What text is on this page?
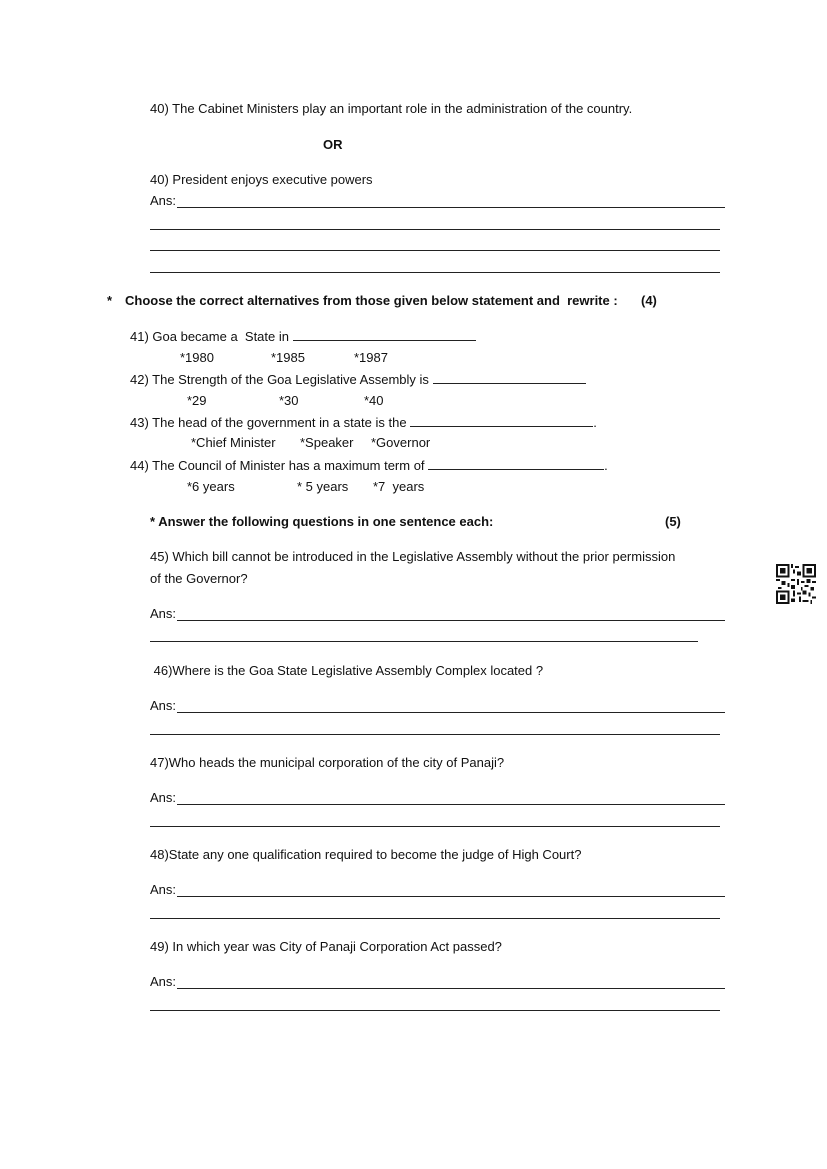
40) The Cabinet Ministers play an important role in the administration of the country.
OR
40) President enjoys executive powers
Ans:
* Choose the correct alternatives from those given below statement and  rewrite : (4)
41) Goa became a  State in
*1980	*1985	*1987
42) The Strength of the Goa Legislative Assembly is
*29	*30	*40
43) The head of the government in a state is the	.
*Chief Minister *Speaker *Governor
44) The Council of Minister has a maximum term of	.
*6 years	* 5 years *7  years
* Answer the following questions in one sentence each:	(5)
45) Which bill cannot be introduced in the Legislative Assembly without the prior permission
of the Governor?
Ans:
46)Where is the Goa State Legislative Assembly Complex located ?
Ans:
47)Who heads the municipal corporation of the city of Panaji?
Ans:
48)State any one qualification required to become the judge of High Court?
Ans:
49) In which year was City of Panaji Corporation Act passed?
Ans:
